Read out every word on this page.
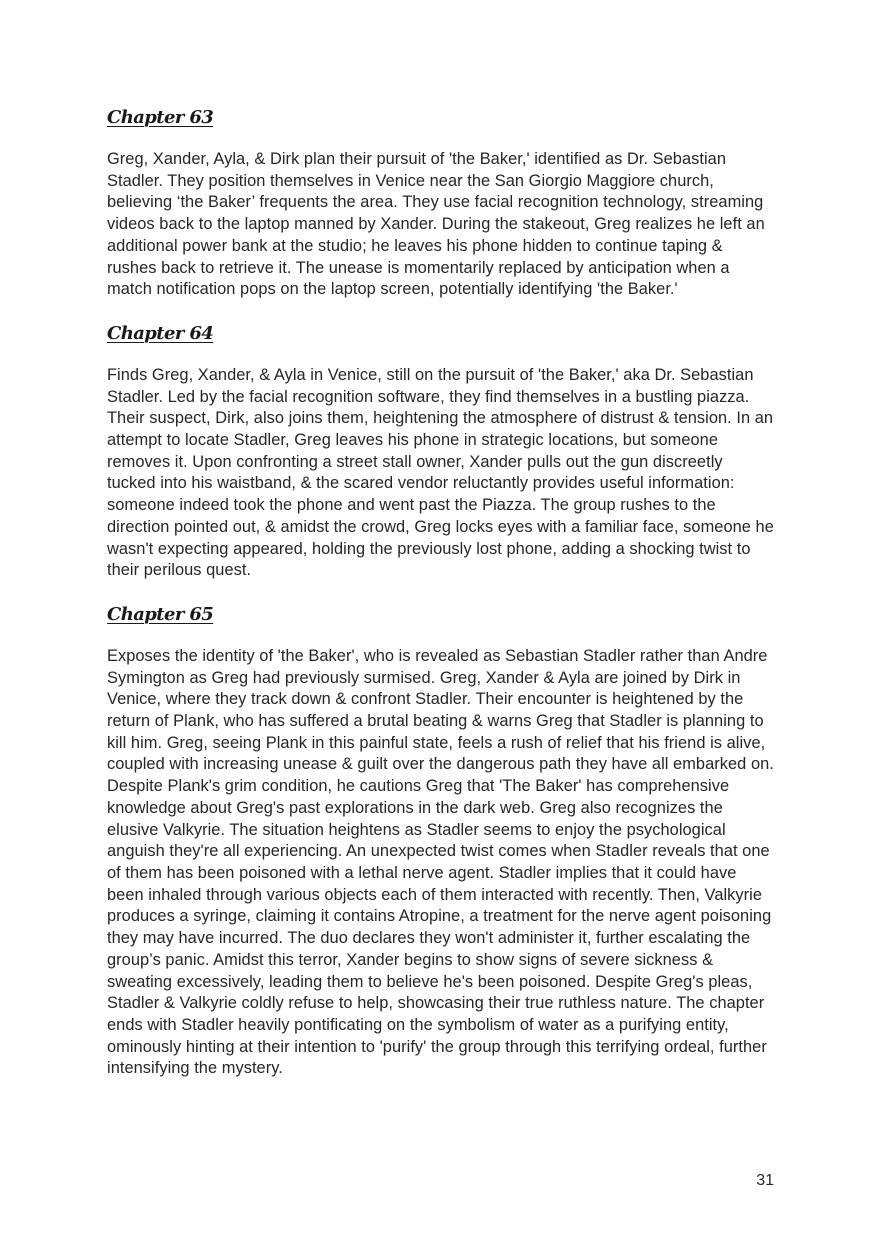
Chapter 63

Greg, Xander, Ayla, & Dirk plan their pursuit of 'the Baker,' identified as Dr. Sebastian Stadler. They position themselves in Venice near the San Giorgio Maggiore church, believing ‘the Baker’ frequents the area. They use facial recognition technology, streaming videos back to the laptop manned by Xander. During the stakeout, Greg realizes he left an additional power bank at the studio; he leaves his phone hidden to continue taping & rushes back to retrieve it. The unease is momentarily replaced by anticipation when a match notification pops on the laptop screen, potentially identifying 'the Baker.'

Chapter 64

Finds Greg, Xander, & Ayla in Venice, still on the pursuit of 'the Baker,' aka Dr. Sebastian Stadler. Led by the facial recognition software, they find themselves in a bustling piazza. Their suspect, Dirk, also joins them, heightening the atmosphere of distrust & tension. In an attempt to locate Stadler, Greg leaves his phone in strategic locations, but someone removes it. Upon confronting a street stall owner, Xander pulls out the gun discreetly tucked into his waistband, & the scared vendor reluctantly provides useful information: someone indeed took the phone and went past the Piazza. The group rushes to the direction pointed out, & amidst the crowd, Greg locks eyes with a familiar face, someone he wasn't expecting appeared, holding the previously lost phone, adding a shocking twist to their perilous quest.

Chapter 65

Exposes the identity of 'the Baker', who is revealed as Sebastian Stadler rather than Andre Symington as Greg had previously surmised. Greg, Xander & Ayla are joined by Dirk in Venice, where they track down & confront Stadler. Their encounter is heightened by the return of Plank, who has suffered a brutal beating & warns Greg that Stadler is planning to kill him. Greg, seeing Plank in this painful state, feels a rush of relief that his friend is alive, coupled with increasing unease & guilt over the dangerous path they have all embarked on. Despite Plank's grim condition, he cautions Greg that 'The Baker' has comprehensive knowledge about Greg's past explorations in the dark web. Greg also recognizes the elusive Valkyrie. The situation heightens as Stadler seems to enjoy the psychological anguish they're all experiencing. An unexpected twist comes when Stadler reveals that one of them has been poisoned with a lethal nerve agent. Stadler implies that it could have been inhaled through various objects each of them interacted with recently. Then, Valkyrie produces a syringe, claiming it contains Atropine, a treatment for the nerve agent poisoning they may have incurred. The duo declares they won't administer it, further escalating the group’s panic. Amidst this terror, Xander begins to show signs of severe sickness & sweating excessively, leading them to believe he's been poisoned. Despite Greg's pleas, Stadler & Valkyrie coldly refuse to help, showcasing their true ruthless nature. The chapter ends with Stadler heavily pontificating on the symbolism of water as a purifying entity, ominously hinting at their intention to 'purify' the group through this terrifying ordeal, further intensifying the mystery.

31
